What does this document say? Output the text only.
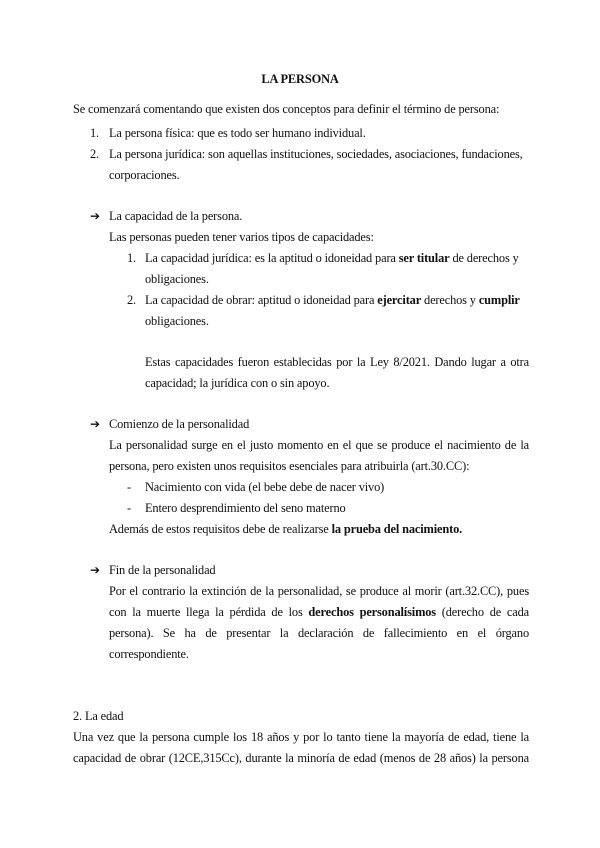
LA PERSONA
Se comenzará comentando que existen dos conceptos para definir el término de persona:
1. La persona física: que es todo ser humano individual.
2. La persona jurídica: son aquellas instituciones, sociedades, asociaciones, fundaciones,
corporaciones.
➔ La capacidad de la persona.
Las personas pueden tener varios tipos de capacidades:
1. La capacidad jurídica: es la aptitud o idoneidad para ser titular de derechos y
obligaciones.
2. La capacidad de obrar: aptitud o idoneidad para ejercitar derechos y cumplir
obligaciones.
Estas capacidades fueron establecidas por la Ley 8/2021. Dando lugar a otra
capacidad; la jurídica con o sin apoyo.
➔ Comienzo de la personalidad
La personalidad surge en el justo momento en el que se produce el nacimiento de la
persona, pero existen unos requisitos esenciales para atribuirla (art.30.CC):
- Nacimiento con vida (el bebe debe de nacer vivo)
- Entero desprendimiento del seno materno
Además de estos requisitos debe de realizarse la prueba del nacimiento.
➔ Fin de la personalidad
Por el contrario la extinción de la personalidad, se produce al morir (art.32.CC), pues
con la muerte llega la pérdida de los derechos personalísimos (derecho de cada
persona). Se ha de presentar la declaración de fallecimiento en el órgano
correspondiente.
2. La edad
Una vez que la persona cumple los 18 años y por lo tanto tiene la mayoría de edad, tiene la
capacidad de obrar (12CE,315Cc), durante la minoría de edad (menos de 28 años) la persona
